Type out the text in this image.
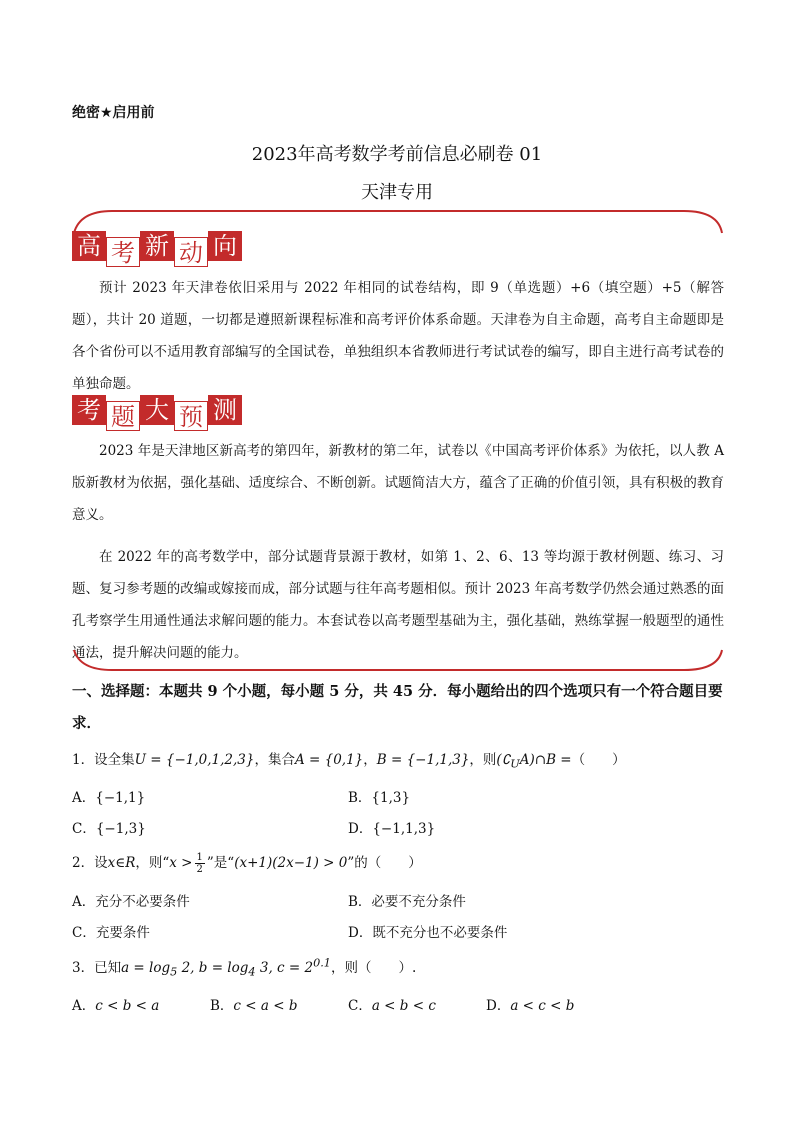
绝密★启用前
2023年高考数学考前信息必刷卷 01
天津专用
高 考 新 动 向
预计 2023 年天津卷依旧采用与 2022 年相同的试卷结构，即 9（单选题）+6（填空题）+5（解答题），共计 20 道题，一切都是遵照新课程标准和高考评价体系命题。天津卷为自主命题，高考自主命题即是各个省份可以不适用教育部编写的全国试卷，单独组织本省教师进行考试试卷的编写，即自主进行高考试卷的单独命题。
考 题 大 预 测
2023 年是天津地区新高考的第四年，新教材的第二年，试卷以《中国高考评价体系》为依托，以人教 A 版新教材为依据，强化基础、适度综合、不断创新。试题简洁大方，蕴含了正确的价值引领，具有积极的教育意义。
在 2022 年的高考数学中，部分试题背景源于教材，如第 1、2、6、13 等均源于教材例题、练习、习题、复习参考题的改编或嫁接而成，部分试题与往年高考题相似。预计 2023 年高考数学仍然会通过熟悉的面孔考察学生用通性通法求解问题的能力。本套试卷以高考题型基础为主，强化基础，熟练掌握一般题型的通性通法，提升解决问题的能力。
一、选择题：本题共 9 个小题，每小题 5 分，共 45 分．每小题给出的四个选项只有一个符合题目要求．
1．设全集U = {−1,0,1,2,3}，集合A = {0,1}，B = {−1,1,3}，则$(∁_UA)\cap B$ =（　　）
A．{−1,1}	B．{1,3}
C．{−1,3}	D．{−1,1,3}
2．设x∈R，则“$x > \frac{1}{2}$ ”是“(x+1)(2x−1) > 0”的（　　）
A．充分不必要条件	B．必要不充分条件
C．充要条件	D．既不充分也不必要条件
3．已知$a = \log_5 2$, $b = \log_4 3$, $c = 2^{0.1}$，则（　　）.
A．c < b < a	B．c < a < b	C．a < b < c	D．a < c < b
